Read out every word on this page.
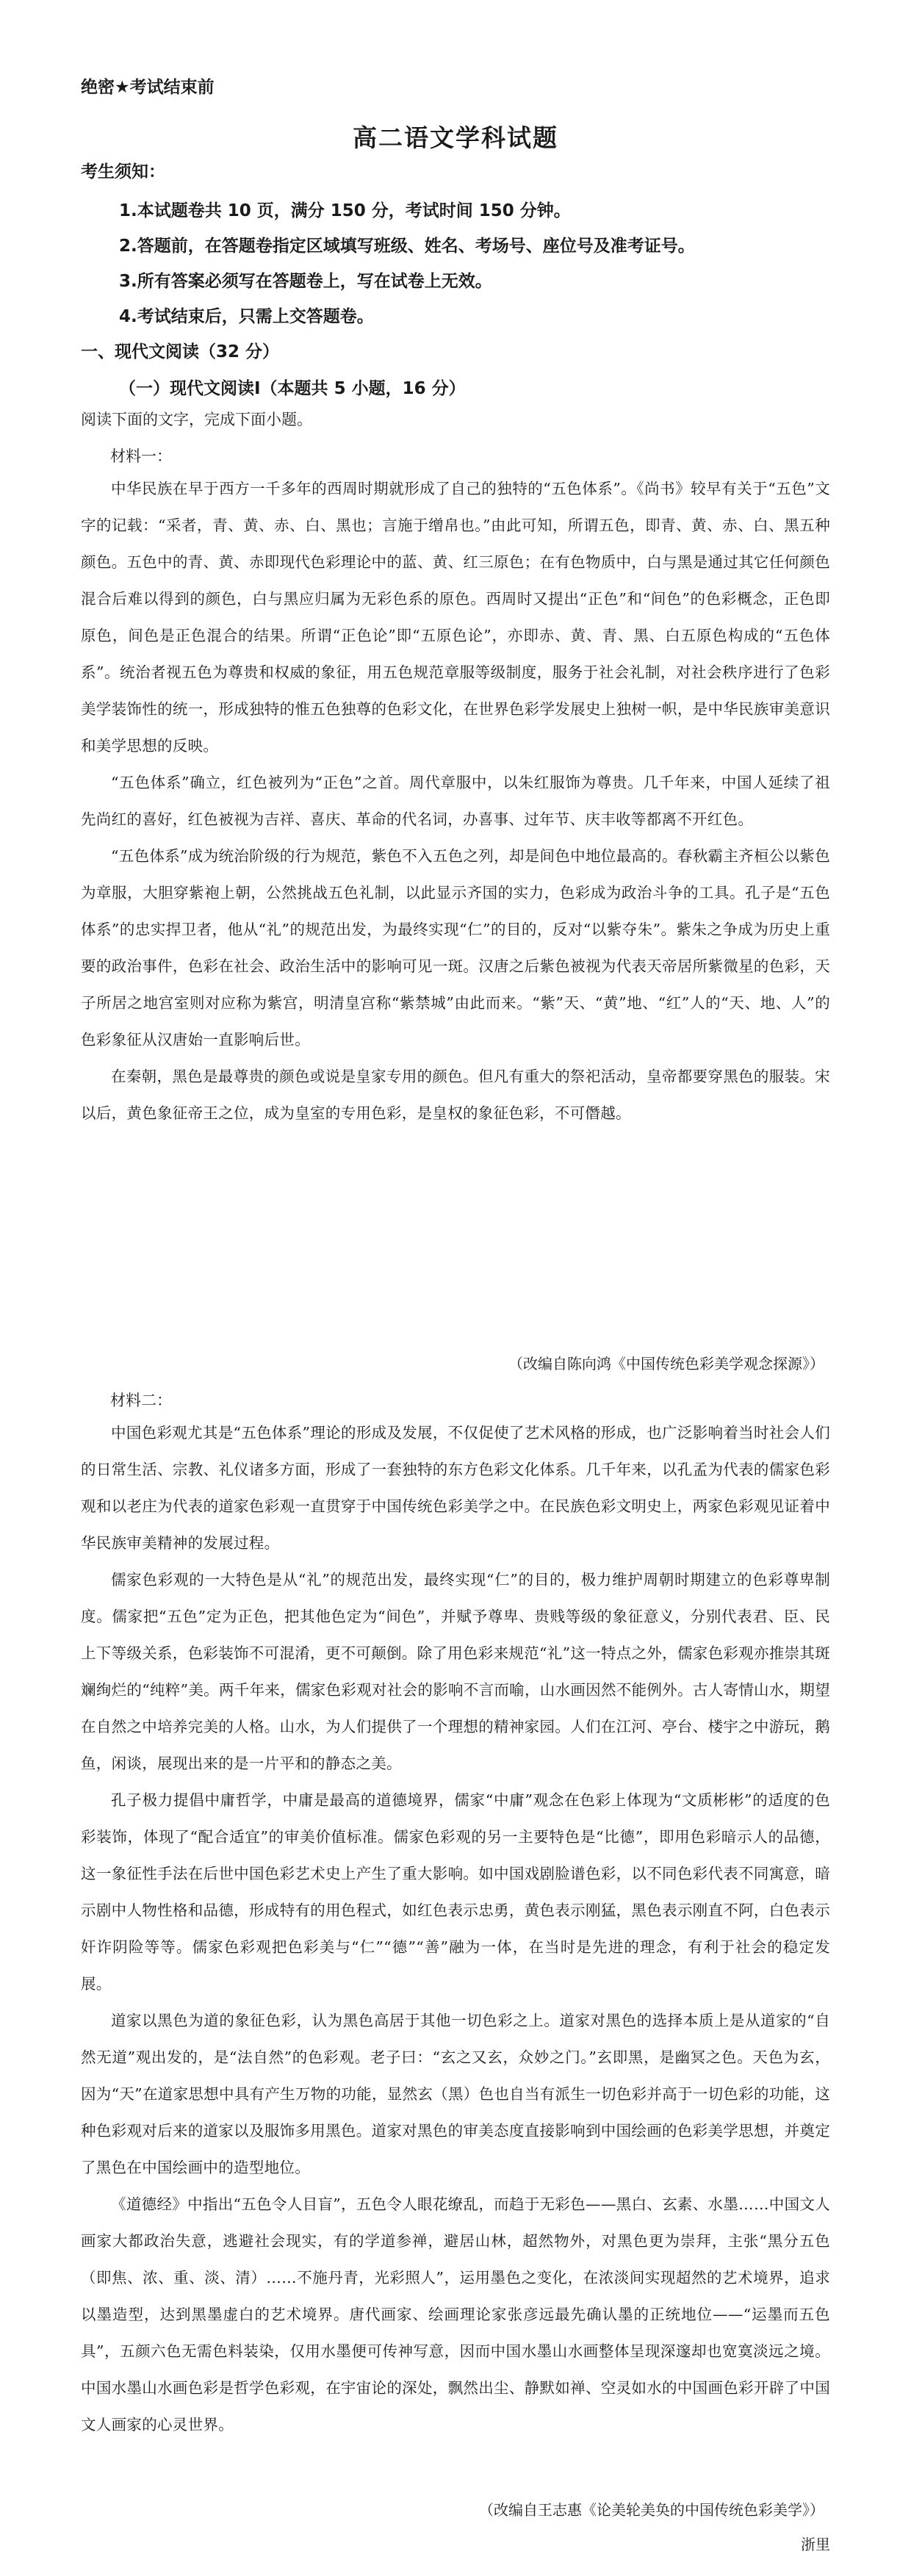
绝密★考试结束前
高二语文学科试题
考生须知：

1.本试题卷共 10 页，满分 150 分，考试时间 150 分钟。

2.答题前，在答题卷指定区域填写班级、姓名、考场号、座位号及准考证号。

3.所有答案必须写在答题卷上，写在试卷上无效。

4.考试结束后，只需上交答题卷。

一、现代文阅读（32 分）
（一）现代文阅读Ⅰ（本题共 5 小题，16 分）
阅读下面的文字，完成下面小题。
材料一：

中华民族在早于西方一千多年的西周时期就形成了自己的独特的“五色体系”。《尚书》较早有关于“五色”文字的记载：“采者，青、黄、赤、白、黑也；言施于缯帛也。”由此可知，所谓五色，即青、黄、赤、白、黑五种颜色。五色中的青、黄、赤即现代色彩理论中的蓝、黄、红三原色；在有色物质中，白与黑是通过其它任何颜色混合后难以得到的颜色，白与黑应归属为无彩色系的原色。西周时又提出“正色”和“间色”的色彩概念，正色即原色，间色是正色混合的结果。所谓“正色论”即“五原色论”，亦即赤、黄、青、黑、白五原色构成的“五色体系”。统治者视五色为尊贵和权威的象征，用五色规范章服等级制度，服务于社会礼制，对社会秩序进行了色彩美学装饰性的统一，形成独特的惟五色独尊的色彩文化，在世界色彩学发展史上独树一帜，是中华民族审美意识和美学思想的反映。

“五色体系”确立，红色被列为“正色”之首。周代章服中，以朱红服饰为尊贵。几千年来，中国人延续了祖先尚红的喜好，红色被视为吉祥、喜庆、革命的代名词，办喜事、过年节、庆丰收等都离不开红色。

“五色体系”成为统治阶级的行为规范，紫色不入五色之列，却是间色中地位最高的。春秋霸主齐桓公以紫色为章服，大胆穿紫袍上朝，公然挑战五色礼制，以此显示齐国的实力，色彩成为政治斗争的工具。孔子是“五色体系”的忠实捍卫者，他从“礼”的规范出发，为最终实现“仁”的目的，反对“以紫夺朱”。紫朱之争成为历史上重要的政治事件，色彩在社会、政治生活中的影响可见一斑。汉唐之后紫色被视为代表天帝居所紫微星的色彩，天子所居之地宫室则对应称为紫宫，明清皇宫称“紫禁城”由此而来。“紫”天、“黄”地、“红”人的“天、地、人”的色彩象征从汉唐始一直影响后世。

在秦朝，黑色是最尊贵的颜色或说是皇家专用的颜色。但凡有重大的祭祀活动，皇帝都要穿黑色的服装。宋以后，黄色象征帝王之位，成为皇室的专用色彩，是皇权的象征色彩，不可僭越。

（改编自陈向鸿《中国传统色彩美学观念探源》）
材料二：

中国色彩观尤其是“五色体系”理论的形成及发展，不仅促使了艺术风格的形成，也广泛影响着当时社会人们的日常生活、宗教、礼仪诸多方面，形成了一套独特的东方色彩文化体系。几千年来，以孔孟为代表的儒家色彩观和以老庄为代表的道家色彩观一直贯穿于中国传统色彩美学之中。在民族色彩文明史上，两家色彩观见证着中华民族审美精神的发展过程。

儒家色彩观的一大特色是从“礼”的规范出发，最终实现“仁”的目的，极力维护周朝时期建立的色彩尊卑制度。儒家把“五色”定为正色，把其他色定为“间色”，并赋予尊卑、贵贱等级的象征意义，分别代表君、臣、民上下等级关系，色彩装饰不可混淆，更不可颠倒。除了用色彩来规范“礼”这一特点之外，儒家色彩观亦推崇其斑斓绚烂的“纯粹”美。两千年来，儒家色彩观对社会的影响不言而喻，山水画因然不能例外。古人寄情山水，期望在自然之中培养完美的人格。山水，为人们提供了一个理想的精神家园。人们在江河、亭台、楼宇之中游玩，鹅鱼，闲谈，展现出来的是一片平和的静态之美。

孔子极力提倡中庸哲学，中庸是最高的道德境界，儒家“中庸”观念在色彩上体现为“文质彬彬”的适度的色彩装饰，体现了“配合适宜”的审美价值标准。儒家色彩观的另一主要特色是“比德”，即用色彩暗示人的品德，这一象征性手法在后世中国色彩艺术史上产生了重大影响。如中国戏剧脸谱色彩，以不同色彩代表不同寓意，暗示剧中人物性格和品德，形成特有的用色程式，如红色表示忠勇，黄色表示刚猛，黑色表示刚直不阿，白色表示奸诈阴险等等。儒家色彩观把色彩美与“仁”“德”“善”融为一体，在当时是先进的理念，有利于社会的稳定发展。

道家以黑色为道的象征色彩，认为黑色高居于其他一切色彩之上。道家对黑色的选择本质上是从道家的“自然无道”观出发的，是“法自然”的色彩观。老子曰：“玄之又玄，众妙之门。”玄即黑，是幽冥之色。天色为玄，因为“天”在道家思想中具有产生万物的功能，显然玄（黑）色也自当有派生一切色彩并高于一切色彩的功能，这种色彩观对后来的道家以及服饰多用黑色。道家对黑色的审美态度直接影响到中国绘画的色彩美学思想，并奠定了黑色在中国绘画中的造型地位。

《道德经》中指出“五色令人目盲”，五色令人眼花缭乱，而趋于无彩色——黑白、玄素、水墨……中国文人画家大都政治失意，逃避社会现实，有的学道参禅，避居山林，超然物外，对黑色更为崇拜，主张“黑分五色（即焦、浓、重、淡、清）……不施丹青，光彩照人”，运用墨色之变化，在浓淡间实现超然的艺术境界，追求以墨造型，达到黑墨虚白的艺术境界。唐代画家、绘画理论家张彦远最先确认墨的正统地位——“运墨而五色具”，五颜六色无需色料装染，仅用水墨便可传神写意，因而中国水墨山水画整体呈现深邃却也宽寞淡远之境。中国水墨山水画色彩是哲学色彩观，在宇宙论的深处，飘然出尘、静默如禅、空灵如水的中国画色彩开辟了中国文人画家的心灵世界。

（改编自王志惠《论美轮美奂的中国传统色彩美学》）
浙里
